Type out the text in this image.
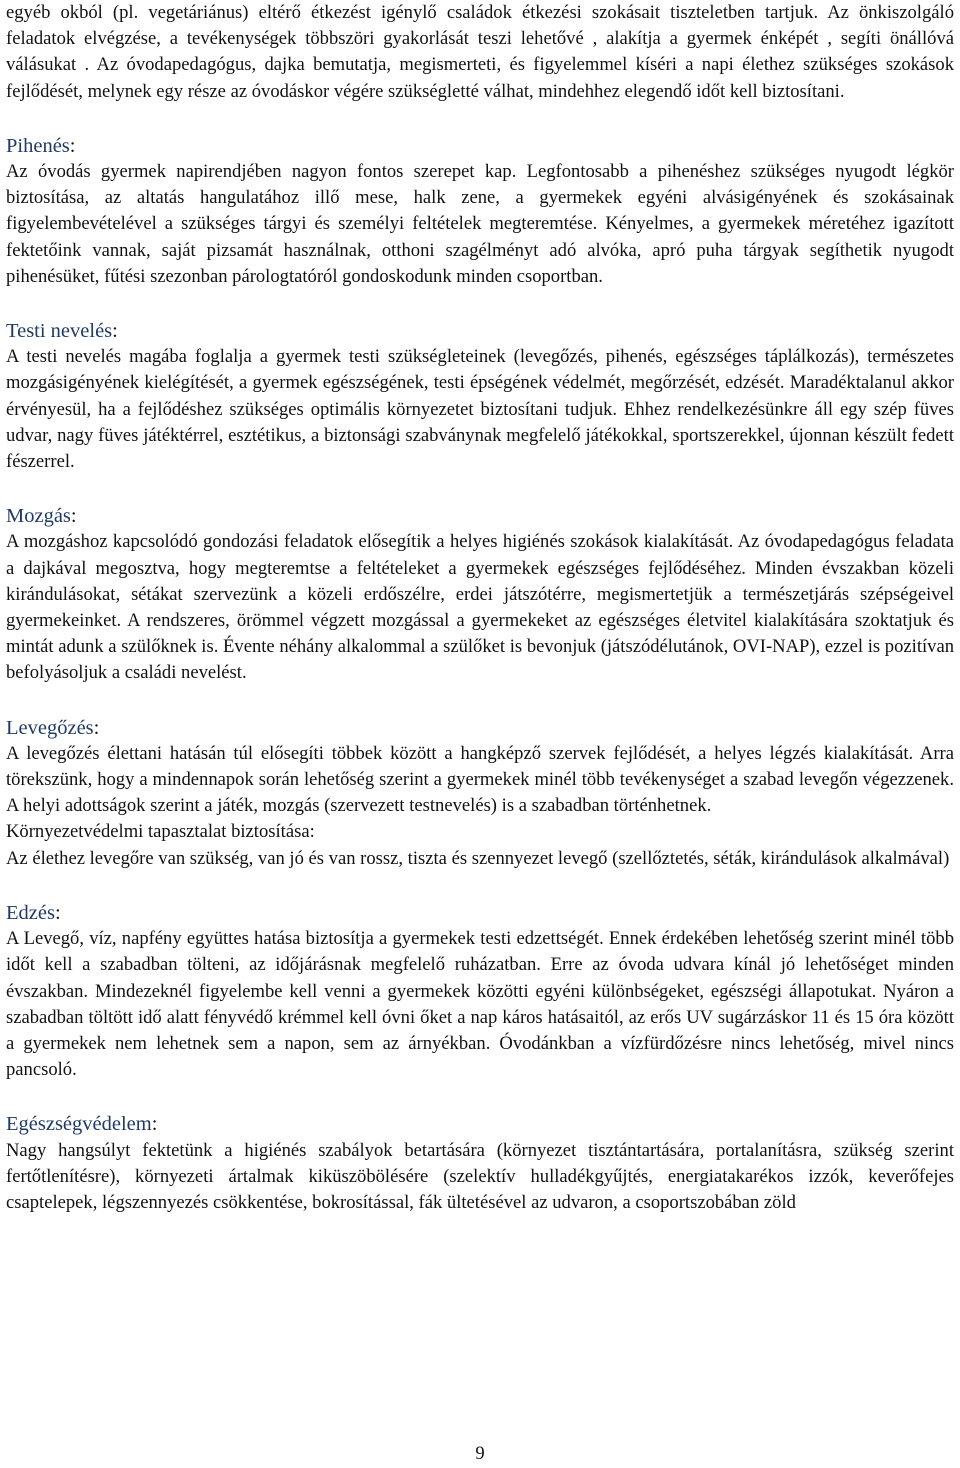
egyéb okból (pl. vegetáriánus) eltérő étkezést igénylő családok étkezési szokásait tiszteletben tartjuk. Az önkiszolgáló feladatok elvégzése, a tevékenységek többszöri gyakorlását teszi lehetővé , alakítja a gyermek énképét , segíti önállóvá válásukat . Az óvodapedagógus, dajka bemutatja, megismerteti, és figyelemmel kíséri a napi élethez szükséges szokások fejlődését, melynek egy része az óvodáskor végére szükségletté válhat, mindehhez elegendő időt kell biztosítani.

Pihenés:

Az óvodás gyermek napirendjében nagyon fontos szerepet kap. Legfontosabb a pihenéshez szükséges nyugodt légkör biztosítása, az altatás hangulatához illő mese, halk zene, a gyermekek egyéni alvásigényének és szokásainak figyelembevételével a szükséges tárgyi és személyi feltételek megteremtése. Kényelmes, a gyermekek méretéhez igazított fektetőink vannak, saját pizsamát használnak, otthoni szagélményt adó alvóka, apró puha tárgyak segíthetik nyugodt pihenésüket, fűtési szezonban párologtatóról gondoskodunk minden csoportban.

Testi nevelés:

A testi nevelés magába foglalja a gyermek testi szükségleteinek (levegőzés, pihenés, egészséges táplálkozás), természetes mozgásigényének kielégítését, a gyermek egészségének, testi épségének védelmét, megőrzését, edzését. Maradéktalanul akkor érvényesül, ha a fejlődéshez szükséges optimális környezetet biztosítani tudjuk. Ehhez rendelkezésünkre áll egy szép füves udvar, nagy füves játéktérrel, esztétikus, a biztonsági szabványnak megfelelő játékokkal, sportszerekkel, újonnan készült fedett fészerrel.

Mozgás:

A mozgáshoz kapcsolódó gondozási feladatok elősegítik a helyes higiénés szokások kialakítását. Az óvodapedagógus feladata a dajkával megosztva, hogy megteremtse a feltételeket a gyermekek egészséges fejlődéséhez. Minden évszakban közeli kirándulásokat, sétákat szervezünk a közeli erdőszélre, erdei játszótérre, megismertetjük a természetjárás szépségeivel gyermekeinket. A rendszeres, örömmel végzett mozgással a gyermekeket az egészséges életvitel kialakítására szoktatjuk és mintát adunk a szülőknek is. Évente néhány alkalommal a szülőket is bevonjuk (játszódélutánok, OVI-NAP), ezzel is pozitívan befolyásoljuk a családi nevelést.

Levegőzés:

A levegőzés élettani hatásán túl elősegíti többek között a hangképző szervek fejlődését, a helyes légzés kialakítását. Arra törekszünk, hogy a mindennapok során lehetőség szerint a gyermekek minél több tevékenységet a szabad levegőn végezzenek. A helyi adottságok szerint a játék, mozgás (szervezett testnevelés) is a szabadban történhetnek.

Környezetvédelmi tapasztalat biztosítása:

Az élethez levegőre van szükség, van jó és van rossz, tiszta és szennyezet levegő (szellőztetés, séták, kirándulások alkalmával)

Edzés:

A Levegő, víz, napfény együttes hatása biztosítja a gyermekek testi edzettségét. Ennek érdekében lehetőség szerint minél több időt kell a szabadban tölteni, az időjárásnak megfelelő ruházatban. Erre az óvoda udvara kínál jó lehetőséget minden évszakban. Mindezeknél figyelembe kell venni a gyermekek közötti egyéni különbségeket, egészségi állapotukat. Nyáron a szabadban töltött idő alatt fényvédő krémmel kell óvni őket a nap káros hatásaitól, az erős UV sugárzáskor 11 és 15 óra között a gyermekek nem lehetnek sem a napon, sem az árnyékban. Óvodánkban a vízfürdőzésre nincs lehetőség, mivel nincs pancsoló.

Egészségvédelem:

Nagy hangsúlyt fektetünk a higiénés szabályok betartására (környezet tisztántartására, portalanításra, szükség szerint fertőtlenítésre), környezeti ártalmak kiküszöbölésére (szelektív hulladékgyűjtés, energiatakarékos izzók, keverőfejes csaptelepek, légszennyezés csökkentése, bokrosítással, fák ültetésével az udvaron, a csoportszobában zöld

9
